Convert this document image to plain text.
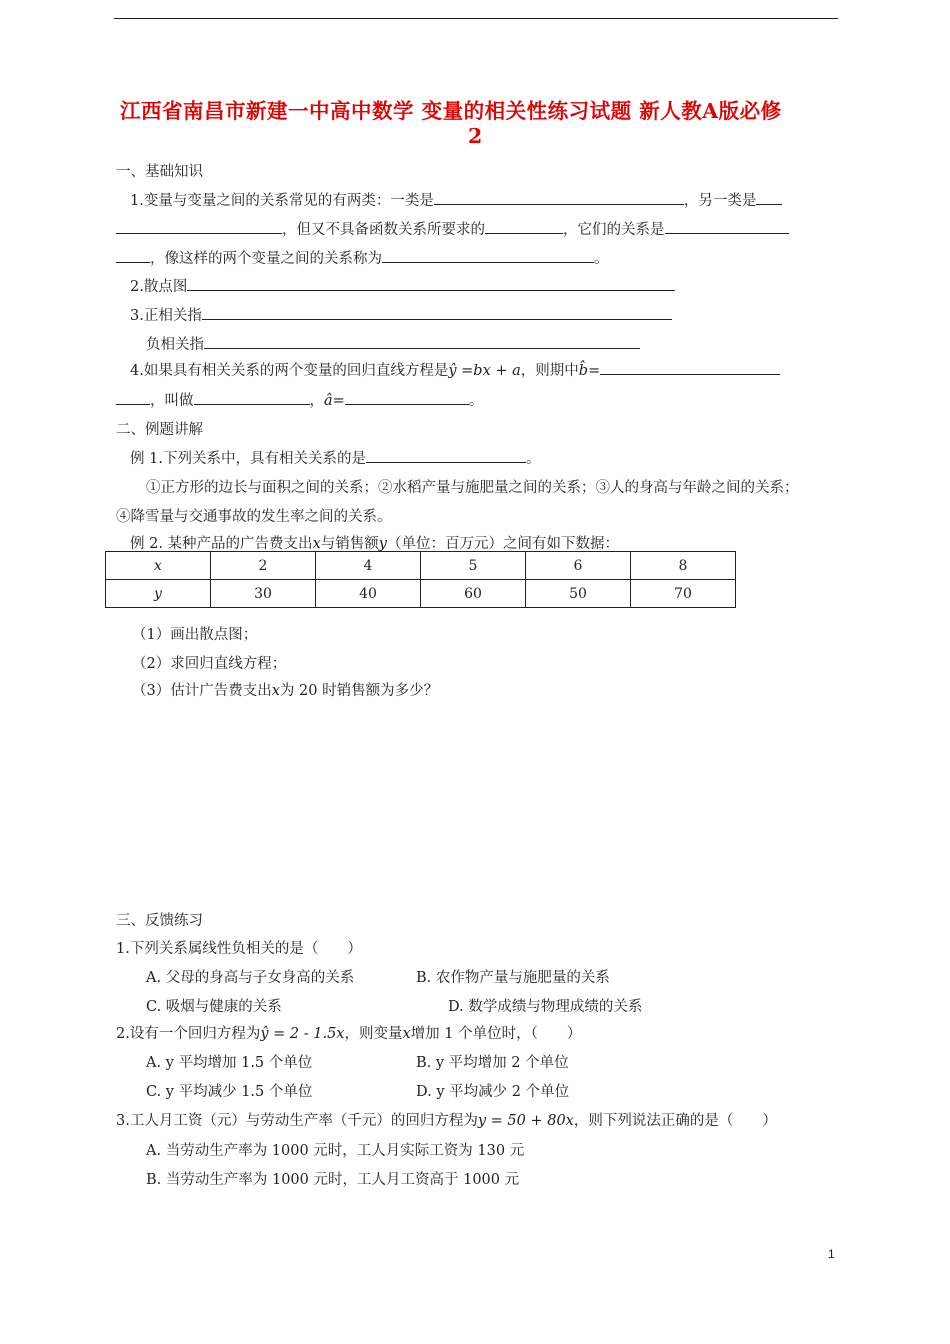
江西省南昌市新建一中高中数学 变量的相关性练习试题 新人教A版必修
2
一、基础知识
1.变量与变量之间的关系常见的有两类：一类是	，另一类是
，但又不具备函数关系所要求的	，它们的关系是
，像这样的两个变量之间的关系称为	。
2.散点图
3.正相关指
负相关指
4.如果具有相关关系的两个变量的回归直线方程是ŷ =bx + a，则期中b̂=
，叫做	，â=	。
二、例题讲解
例 1.下列关系中，具有相关关系的是	。
①正方形的边长与面积之间的关系；②水稻产量与施肥量之间的关系；③人的身高与年龄之间的关系；
④降雪量与交通事故的发生率之间的关系。
例 2. 某种产品的广告费支出x与销售额y（单位：百万元）之间有如下数据：
x	2	4	5	6	8
y	30	40	60	50	70
（1）画出散点图；
（2）求回归直线方程；
（3）估计广告费支出x为 20 时销售额为多少？
三、反馈练习
1.下列关系属线性负相关的是（　　）
A. 父母的身高与子女身高的关系	B. 农作物产量与施肥量的关系
C. 吸烟与健康的关系	D. 数学成绩与物理成绩的关系
2.设有一个回归方程为ŷ = 2 - 1.5x，则变量x增加 1 个单位时，（　　）
A. y 平均增加 1.5 个单位	B. y 平均增加 2 个单位
C. y 平均减少 1.5 个单位	D. y 平均减少 2 个单位
3.工人月工资（元）与劳动生产率（千元）的回归方程为y = 50 + 80x，则下列说法正确的是（　　）
A. 当劳动生产率为 1000 元时，工人月实际工资为 130 元
B. 当劳动生产率为 1000 元时，工人月工资高于 1000 元
1
